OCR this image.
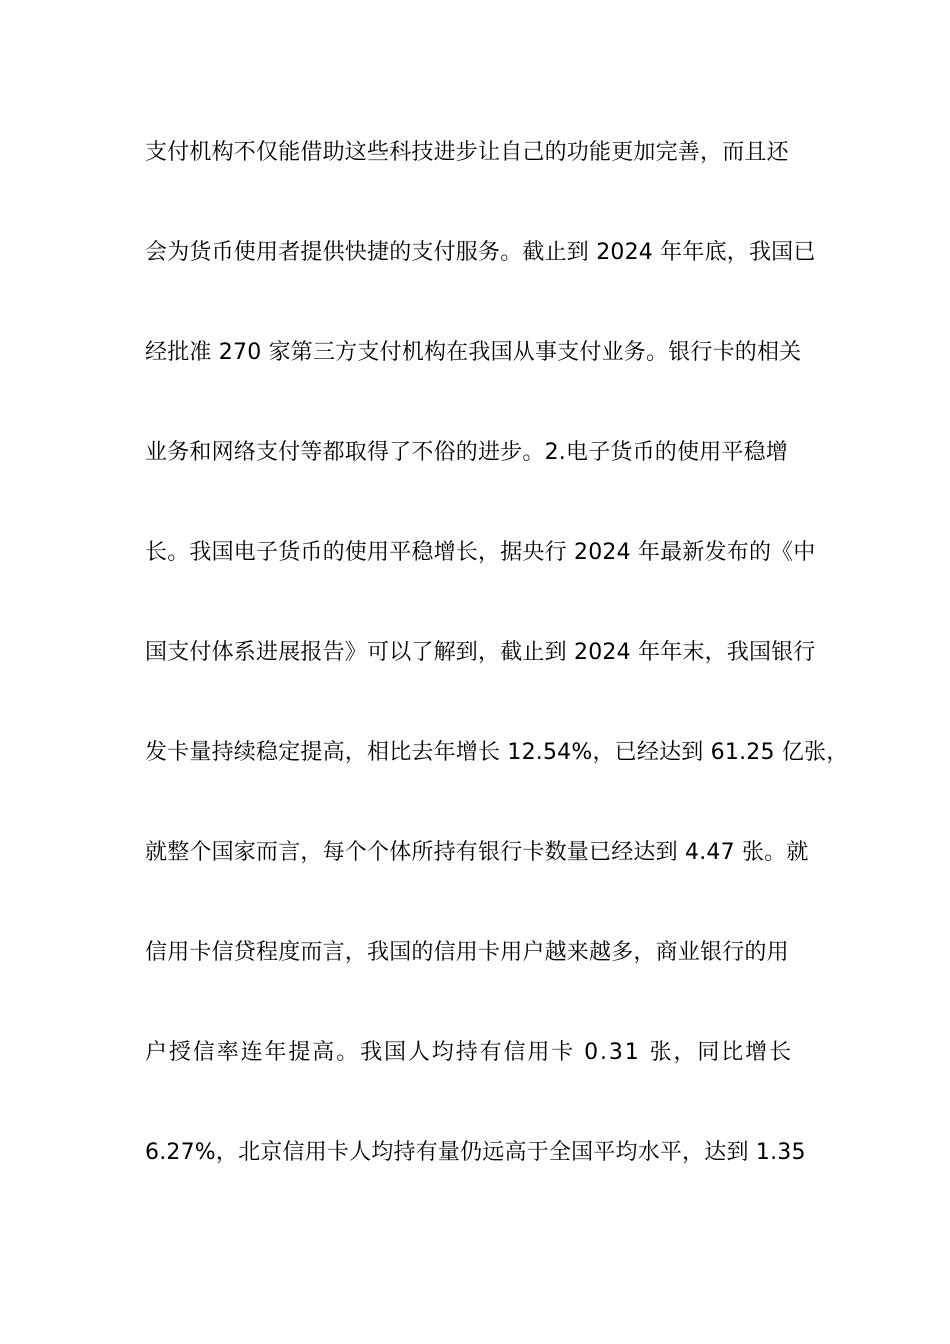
支付机构不仅能借助这些科技进步让自己的功能更加完善，而且还
会为货币使用者提供快捷的支付服务。截止到 2024 年年底，我国已
经批准 270 家第三方支付机构在我国从事支付业务。银行卡的相关
业务和网络支付等都取得了不俗的进步。2.电子货币的使用平稳增
长。我国电子货币的使用平稳增长，据央行 2024 年最新发布的《中
国支付体系进展报告》可以了解到，截止到 2024 年年末，我国银行
发卡量持续稳定提高，相比去年增长 12.54%，已经达到 61.25 亿张，
就整个国家而言，每个个体所持有银行卡数量已经达到 4.47 张。就
信用卡信贷程度而言，我国的信用卡用户越来越多，商业银行的用
户授信率连年提高。我国人均持有信用卡 0.31 张，同比增长
6.27%，北京信用卡人均持有量仍远高于全国平均水平，达到 1.35
